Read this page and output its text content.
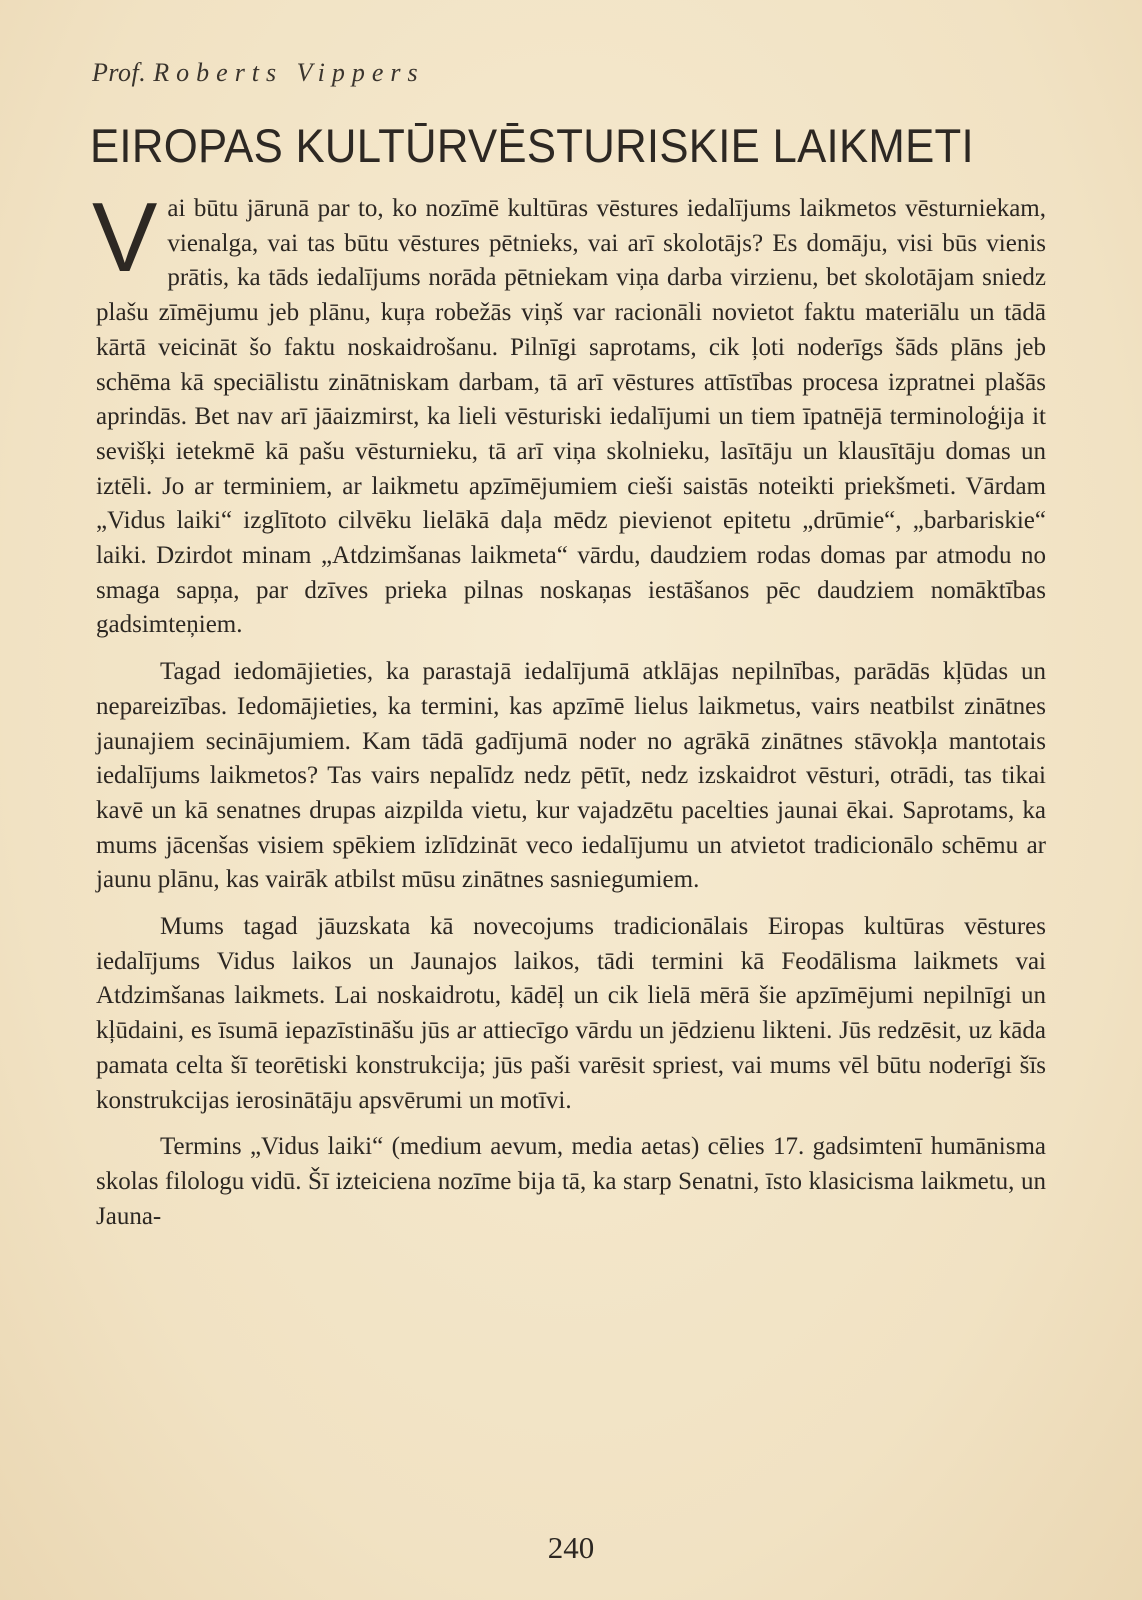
Prof. Roberts Vippers
EIROPAS KULTŪRVĒSTURISKIE LAIKMETI

Vai būtu jārunā par to, ko nozīmē kultūras vēstures iedalījums laikmetos vēsturniekam, vienalga, vai tas būtu vēstures pētnieks, vai arī skolotājs? Es domāju, visi būs vienis prātis, ka tāds iedalījums norāda pētniekam viņa darba virzienu, bet skolotājam sniedz plašu zīmējumu jeb plānu, kuŗa robežās viņš var racionāli novietot faktu materiālu un tādā kārtā veicināt šo faktu noskaidrošanu. Pilnīgi saprotams, cik ļoti noderīgs šāds plāns jeb schēma kā speciālistu zinātniskam darbam, tā arī vēstures attīstības procesa izpratnei plašās aprindās. Bet nav arī jāaizmirst, ka lieli vēsturiski iedalījumi un tiem īpatnējā terminoloģija it sevišķi ietekmē kā pašu vēsturnieku, tā arī viņa skolnieku, lasītāju un klausītāju domas un iztēli. Jo ar terminiem, ar laikmetu apzīmējumiem cieši saistās noteikti priekšmeti. Vārdam „Vidus laiki“ izglītoto cilvēku lielākā daļa mēdz pievienot epitetu „drūmie“, „barbariskie“ laiki. Dzirdot minam „Atdzimšanas laikmeta“ vārdu, daudziem rodas domas par atmodu no smaga sapņa, par dzīves prieka pilnas noskaņas iestāšanos pēc daudziem nomāktības gadsimteņiem.

Tagad iedomājieties, ka parastajā iedalījumā atklājas nepilnības, parādās kļūdas un nepareizības. Iedomājieties, ka termini, kas apzīmē lielus laikmetus, vairs neatbilst zinātnes jaunajiem secinājumiem. Kam tādā gadījumā noder no agrākā zinātnes stāvokļa mantotais iedalījums laikmetos? Tas vairs nepalīdz nedz pētīt, nedz izskaidrot vēsturi, otrādi, tas tikai kavē un kā senatnes drupas aizpilda vietu, kur vajadzētu pacelties jaunai ēkai. Saprotams, ka mums jācenšas visiem spēkiem izlīdzināt veco iedalījumu un atvietot tradicionālo schēmu ar jaunu plānu, kas vairāk atbilst mūsu zinātnes sasniegumiem.

Mums tagad jāuzskata kā novecojums tradicionālais Eiropas kultūras vēstures iedalījums Vidus laikos un Jaunajos laikos, tādi termini kā Feodālisma laikmets vai Atdzimšanas laikmets. Lai noskaidrotu, kādēļ un cik lielā mērā šie apzīmējumi nepilnīgi un kļūdaini, es īsumā iepazīstināšu jūs ar attiecīgo vārdu un jēdzienu likteni. Jūs redzēsit, uz kāda pamata celta šī teorētiski konstrukcija; jūs paši varēsit spriest, vai mums vēl būtu noderīgi šīs konstrukcijas ierosinātāju apsvērumi un motīvi.

Termins „Vidus laiki“ (medium aevum, media aetas) cēlies 17. gadsimtenī humānisma skolas filologu vidū. Šī izteiciena nozīme bija tā, ka starp Senatni, īsto klasicisma laikmetu, un Jauna-

240
